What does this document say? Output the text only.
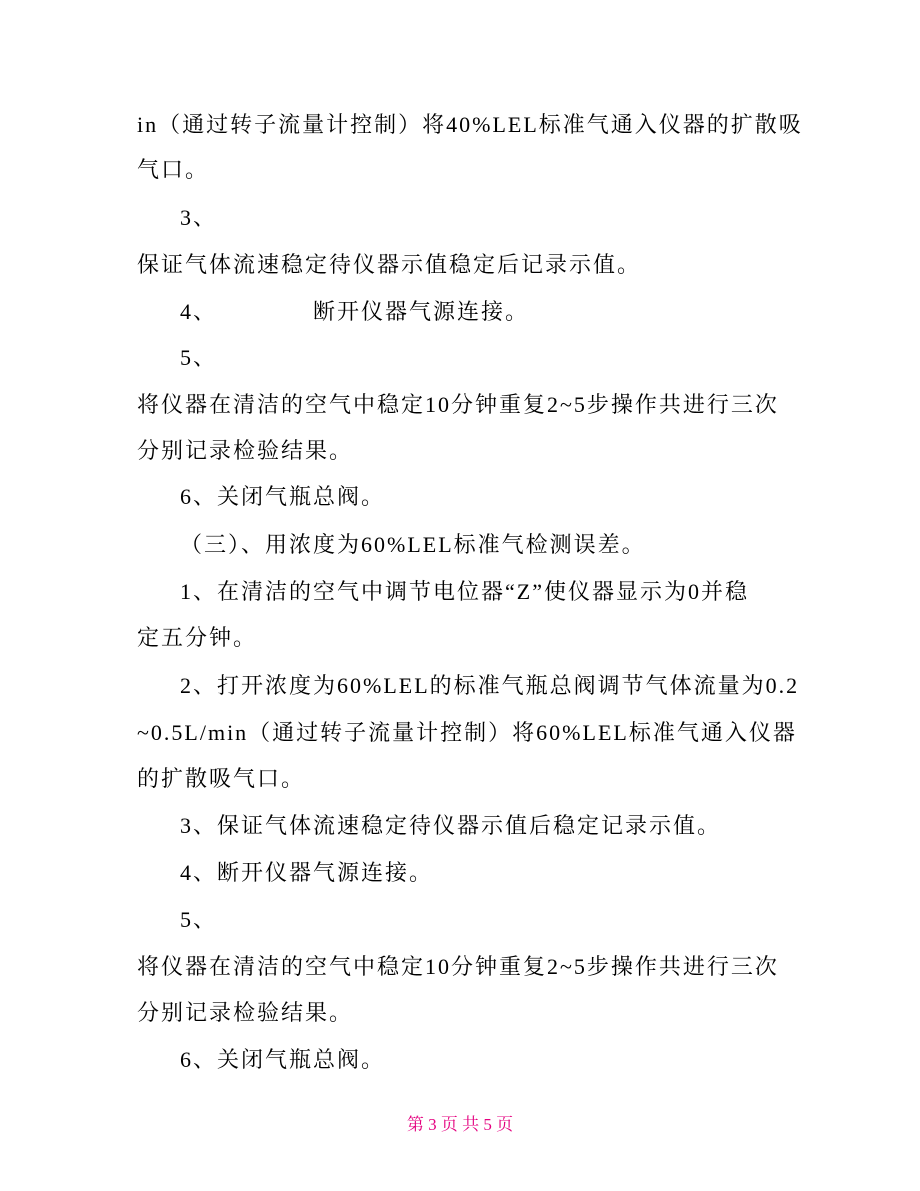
in（通过转子流量计控制）将40%LEL标准气通入仪器的扩散吸
气口。
3、
保证气体流速稳定待仪器示值稳定后记录示值。
4、	断开仪器气源连接。
5、
将仪器在清洁的空气中稳定10分钟重复2~5步操作共进行三次
分别记录检验结果。
6、关闭气瓶总阀。
（三）、用浓度为60%LEL标准气检测误差。
1、在清洁的空气中调节电位器“Z”使仪器显示为0并稳
定五分钟。
2、打开浓度为60%LEL的标准气瓶总阀调节气体流量为0.2
~0.5L/min（通过转子流量计控制）将60%LEL标准气通入仪器
的扩散吸气口。
3、保证气体流速稳定待仪器示值后稳定记录示值。
4、断开仪器气源连接。
5、
将仪器在清洁的空气中稳定10分钟重复2~5步操作共进行三次
分别记录检验结果。
6、关闭气瓶总阀。
第 3 页 共 5 页
